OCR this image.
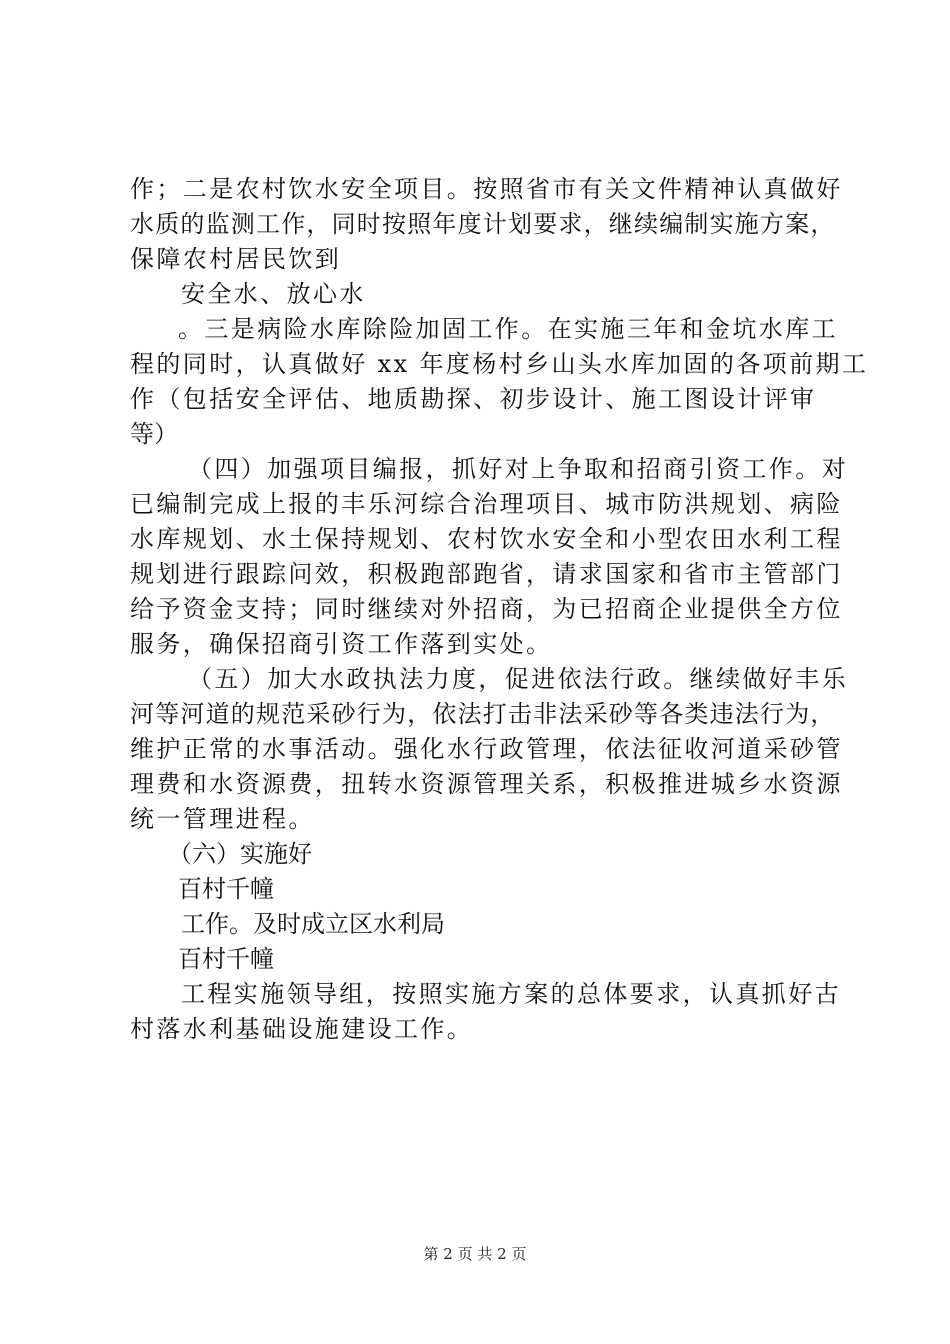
作；二是农村饮水安全项目。按照省市有关文件精神认真做好
水质的监测工作，同时按照年度计划要求，继续编制实施方案，
保障农村居民饮到
安全水、放心水
。三是病险水库除险加固工作。在实施三年和金坑水库工
程的同时，认真做好 xx 年度杨村乡山头水库加固的各项前期工
作（包括安全评估、地质勘探、初步设计、施工图设计评审
等）
（四）加强项目编报，抓好对上争取和招商引资工作。对
已编制完成上报的丰乐河综合治理项目、城市防洪规划、病险
水库规划、水土保持规划、农村饮水安全和小型农田水利工程
规划进行跟踪问效，积极跑部跑省，请求国家和省市主管部门
给予资金支持；同时继续对外招商，为已招商企业提供全方位
服务，确保招商引资工作落到实处。
（五）加大水政执法力度，促进依法行政。继续做好丰乐
河等河道的规范采砂行为，依法打击非法采砂等各类违法行为，
维护正常的水事活动。强化水行政管理，依法征收河道采砂管
理费和水资源费，扭转水资源管理关系，积极推进城乡水资源
统一管理进程。
（六）实施好
百村千幢
工作。及时成立区水利局
百村千幢
工程实施领导组，按照实施方案的总体要求，认真抓好古
村落水利基础设施建设工作。
第 2 页 共 2 页
